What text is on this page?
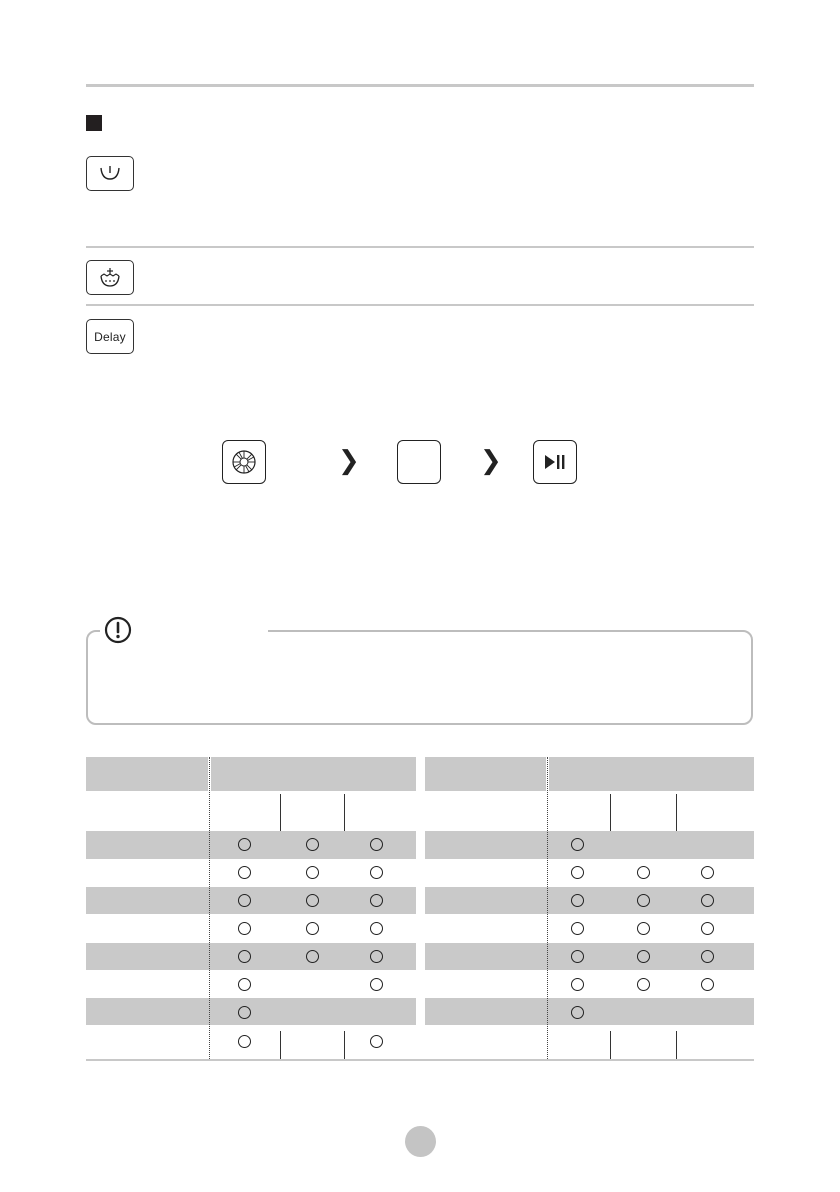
Delay
❯	❯
